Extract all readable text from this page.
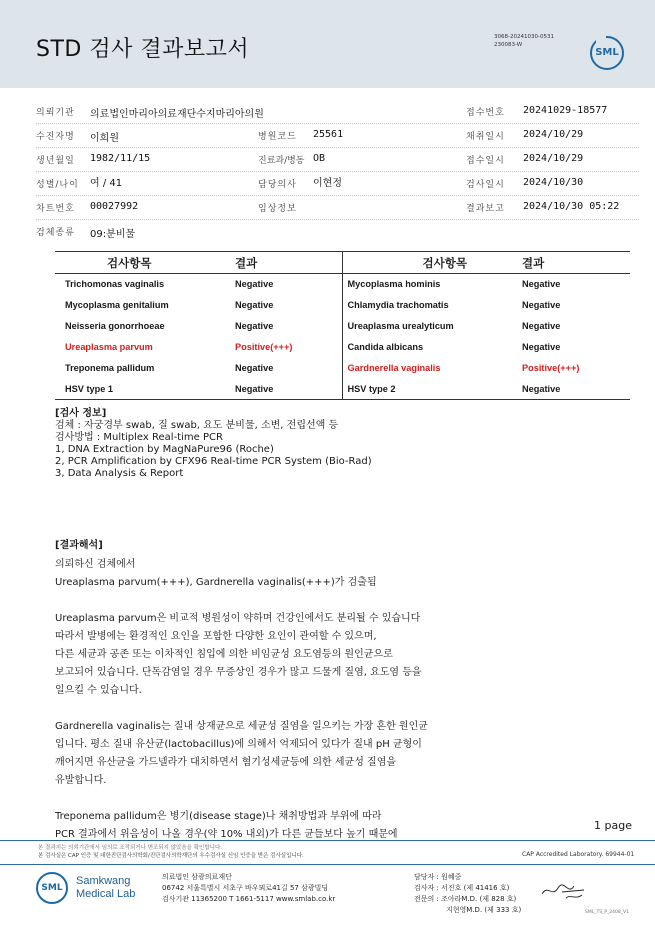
STD 검사 결과보고서	3068-20241030-0531
230083-W
SML
의뢰기관 의료법인마리아의료재단수지마리아의원	접수번호 20241029-18577
수진자명 이희원	병원코드 25561	채취일시 2024/10/29
생년월일 1982/11/15	진료과/병동 OB	접수일시 2024/10/29
성별/나이 여 / 41	담당의사 이현정	검사일시 2024/10/30
차트번호 00027992	임상정보	결과보고 2024/10/30 05:22
검체종류 09:분비물
검사항목	결과	검사항목	결과
Trichomonas vaginalis	Negative	Mycoplasma hominis	Negative
Mycoplasma genitalium	Negative	Chlamydia trachomatis	Negative
Neisseria gonorrhoeae	Negative	Ureaplasma urealyticum	Negative
Ureaplasma parvum	Positive(+++)	Candida albicans	Negative
Treponema pallidum	Negative	Gardnerella vaginalis	Positive(+++)
HSV type 1	Negative	HSV type 2	Negative
[검사 정보]
검체 : 자궁경부 swab, 질 swab, 요도 분비물, 소변, 전립선액 등
검사방법 : Multiplex Real-time PCR
1, DNA Extraction by MagNaPure96 (Roche)
2, PCR Amplification by CFX96 Real-time PCR System (Bio-Rad)
3, Data Analysis & Report

[결과해석]

의뢰하신 검체에서

Ureaplasma parvum(+++), Gardnerella vaginalis(+++)가 검출됨

Ureaplasma parvum은 비교적 병원성이 약하며 건강인에서도 분리될 수 있습니다

따라서 발병에는 환경적인 요인을 포함한 다양한 요인이 관여할 수 있으며,

다른 세균과 공존 또는 이차적인 침입에 의한 비임균성 요도염등의 원인균으로

보고되어 있습니다. 단독감염일 경우 무증상인 경우가 많고 드물게 질염, 요도염 등을

일으킬 수 있습니다.

Gardnerella vaginalis는 질내 상재균으로 세균성 질염을 일으키는 가장 흔한 원인균

입니다. 평소 질내 유산균(lactobacillus)에 의해서 억제되어 있다가 질내 pH 균형이

깨어지면 유산균을 가드넬라가 대치하면서 혐기성세균등에 의한 세균성 질염을

유발합니다.

Treponema pallidum은 병기(disease stage)나 채취방법과 부위에 따라

PCR 결과에서 위음성이 나올 경우(약 10% 내외)가 다른 균들보다 높기 때문에

1 page
본 결과지는 의뢰기관에서 임의로 조작되거나 변조되지 않았음을 확인합니다.
본 검사실은 CAP 인증 및 대한진단검사의학회/진단검사의학재단의 우수검사실 신임 인증을 받은 검사실입니다.	CAP Accredited Laboratory. 69944-01
SML
Samkwang
Medical Lab
의료법인 삼광의료재단
06742 서울특별시 서초구 바우뫼로41길 57 삼광빌딩
검사기관 11365200 T 1661-5117 www.smlab.co.kr
담당자 : 원혜중
검사자 : 서진호 (제 41416 호)
전문의 : 조아라M.D. (제 828 호)
지현영M.D. (제 333 호)	SML_TS_P_2408_V1
